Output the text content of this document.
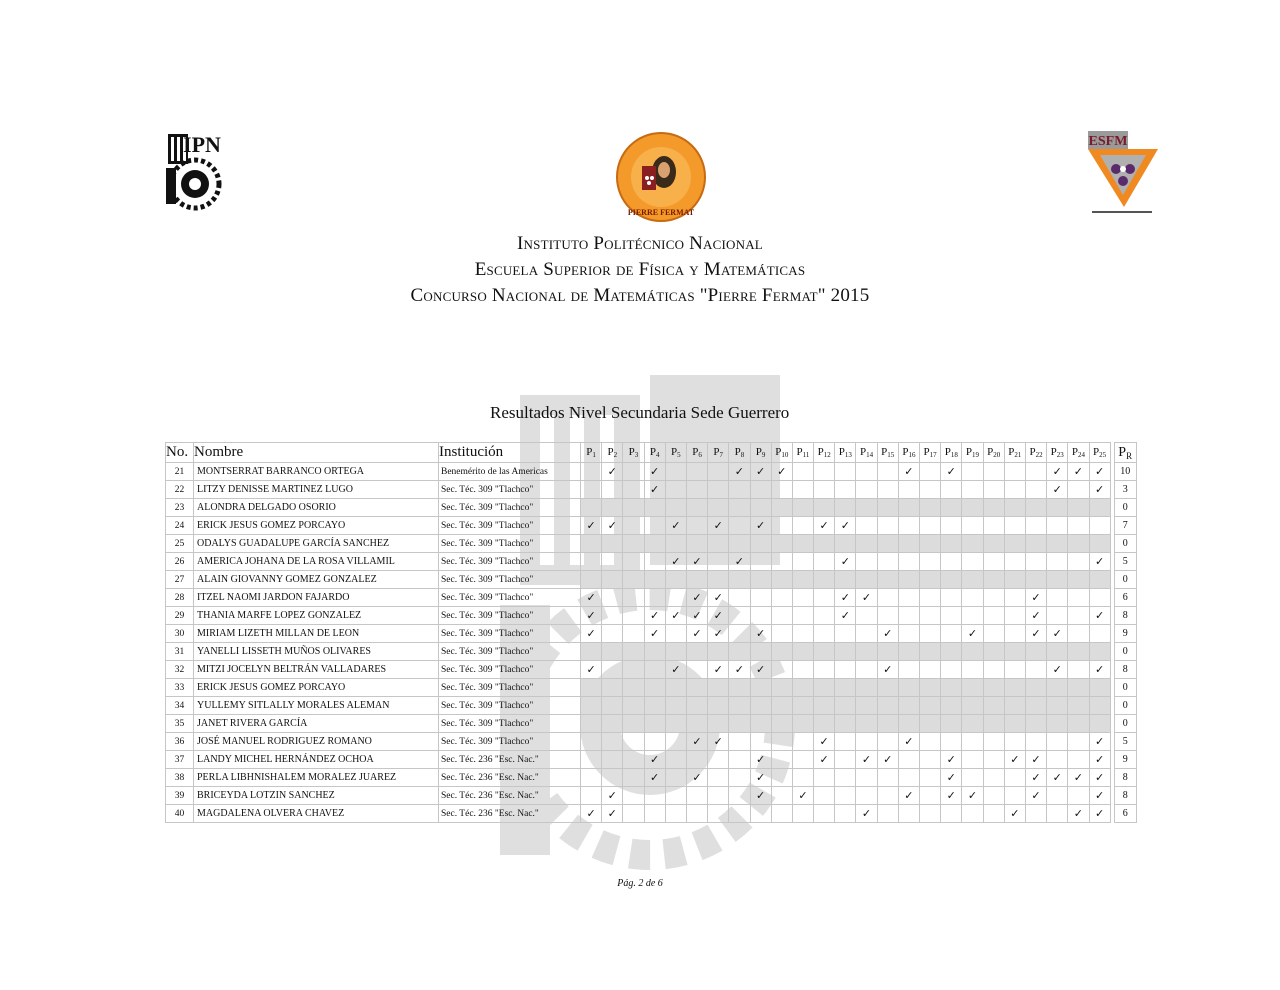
IPN
PIERRE FERMAT
ESFM
Instituto Politécnico Nacional
Escuela Superior de Física y Matemáticas
Concurso Nacional de Matemáticas "Pierre Fermat" 2015
Resultados Nivel Secundaria Sede Guerrero
No.	Nombre	Institución	$P_1$	$P_2$	$P_3$	$P_4$	$P_5$	$P_6$	$P_7$	$P_8$	$P_9$	$P_{10}$	$P_{11}$	$P_{12}$	$P_{13}$	$P_{14}$	$P_{15}$	$P_{16}$	$P_{17}$	$P_{18}$	$P_{19}$	$P_{20}$	$P_{21}$	$P_{22}$	$P_{23}$	$P_{24}$	$P_{25}$		$P_R$
21	MONTSERRAT BARRANCO ORTEGA	Benemérito de las Americas		✓		✓				✓	✓	✓						✓		✓					✓	✓	✓		10
22	LITZY DENISSE MARTINEZ LUGO	Sec. Téc. 309 "Tlachco"				✓																			✓		✓		3
23	ALONDRA DELGADO OSORIO	Sec. Téc. 309 "Tlachco"																											0
24	ERICK JESUS GOMEZ PORCAYO	Sec. Téc. 309 "Tlachco"	✓	✓			✓		✓		✓			✓	✓														7
25	ODALYS GUADALUPE GARCÍA SANCHEZ	Sec. Téc. 309 "Tlachco"																											0
26	AMERICA JOHANA DE LA ROSA VILLAMIL	Sec. Téc. 309 "Tlachco"					✓	✓		✓					✓												✓		5
27	ALAIN GIOVANNY GOMEZ GONZALEZ	Sec. Téc. 309 "Tlachco"																											0
28	ITZEL NAOMI JARDON FAJARDO	Sec. Téc. 309 "Tlachco"	✓					✓	✓						✓	✓								✓					6
29	THANIA MARFE LOPEZ GONZALEZ	Sec. Téc. 309 "Tlachco"	✓			✓	✓	✓	✓						✓									✓			✓		8
30	MIRIAM LIZETH MILLAN DE LEON	Sec. Téc. 309 "Tlachco"	✓			✓		✓	✓		✓						✓				✓			✓	✓				9
31	YANELLI LISSETH MUÑOS OLIVARES	Sec. Téc. 309 "Tlachco"																											0
32	MITZI JOCELYN BELTRÁN VALLADARES	Sec. Téc. 309 "Tlachco"	✓				✓		✓	✓	✓						✓								✓		✓		8
33	ERICK JESUS GOMEZ PORCAYO	Sec. Téc. 309 "Tlachco"																											0
34	YULLEMY SITLALLY MORALES ALEMAN	Sec. Téc. 309 "Tlachco"																											0
35	JANET RIVERA GARCÍA	Sec. Téc. 309 "Tlachco"																											0
36	JOSÉ MANUEL RODRIGUEZ ROMANO	Sec. Téc. 309 "Tlachco"						✓	✓					✓				✓									✓		5
37	LANDY MICHEL HERNÁNDEZ OCHOA	Sec. Téc. 236 "Esc. Nac."				✓					✓			✓		✓	✓			✓			✓	✓			✓		9
38	PERLA LIBHNISHALEM MORALEZ JUAREZ	Sec. Téc. 236 "Esc. Nac."				✓		✓			✓									✓				✓	✓	✓	✓		8
39	BRICEYDA LOTZIN SANCHEZ	Sec. Téc. 236 "Esc. Nac."		✓							✓		✓					✓		✓	✓			✓			✓		8
40	MAGDALENA OLVERA CHAVEZ	Sec. Téc. 236 "Esc. Nac."	✓	✓												✓							✓			✓	✓		6
Pág. 2 de 6
